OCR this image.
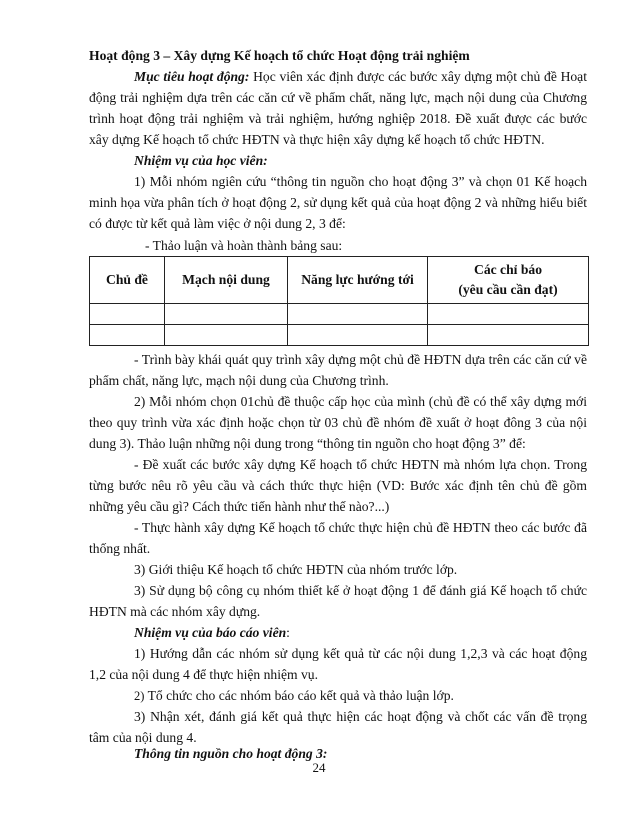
Hoạt động 3 – Xây dựng Kế hoạch tổ chức Hoạt động trải nghiệm

Mục tiêu hoạt động: Học viên xác định được các bước xây dựng một chủ đề Hoạt động trải nghiệm dựa trên các căn cứ về phẩm chất, năng lực, mạch nội dung của Chương trình hoạt động trải nghiệm và trải nghiệm, hướng nghiệp 2018. Đề xuất được các bước xây dựng Kế hoạch tổ chức HĐTN và thực hiện xây dựng kế hoạch tổ chức HĐTN.

Nhiệm vụ của học viên:

1) Mỗi nhóm ngiên cứu “thông tin nguồn cho hoạt động 3” và chọn 01 Kế hoạch minh họa vừa phân tích ở hoạt động 2, sử dụng kết quả của hoạt động 2 và những hiểu biết có được từ kết quả làm việc ở nội dung 2, 3 để:

- Thảo luận và hoàn thành bảng sau:

Chủ đề	Mạch nội dung	Năng lực hướng tới	Các chỉ báo
(yêu cầu cần đạt)

- Trình bày khái quát quy trình xây dựng một chủ đề HĐTN dựa trên các căn cứ về phẩm chất, năng lực, mạch nội dung của Chương trình.

2) Mỗi nhóm chọn 01chủ đề thuộc cấp học của mình (chủ đề có thể xây dựng mới theo quy trình vừa xác định hoặc chọn từ 03 chủ đề nhóm đề xuất ở hoạt đông 3 của nội dung 3). Thảo luận những nội dung trong “thông tin nguồn cho hoạt động 3” để:

- Đề xuất các bước xây dựng Kế hoạch tổ chức HĐTN mà nhóm lựa chọn. Trong từng bước nêu rõ yêu cầu và cách thức thực hiện (VD: Bước xác định tên chủ đề gồm những yêu cầu gì? Cách thức tiến hành như thế nào?...)

- Thực hành xây dựng Kế hoạch tổ chức thực hiện chủ đề HĐTN theo các bước đã thống nhất.

3) Giới thiệu Kế hoạch tổ chức HĐTN của nhóm trước lớp.

3) Sử dụng bộ công cụ nhóm thiết kế ở hoạt động 1 để đánh giá Kế hoạch tổ chức HĐTN mà các nhóm xây dựng.

Nhiệm vụ của báo cáo viên:

1) Hướng dẫn các nhóm sử dụng kết quả từ các nội dung 1,2,3 và các hoạt động 1,2 của nội dung 4 để thực hiện nhiệm vụ.

2) Tổ chức cho các nhóm báo cáo kết quả và thảo luận lớp.

3) Nhận xét, đánh giá kết quả thực hiện các hoạt động và chốt các vấn đề trọng tâm của nội dung 4.

Thông tin nguồn cho hoạt động 3:

24
